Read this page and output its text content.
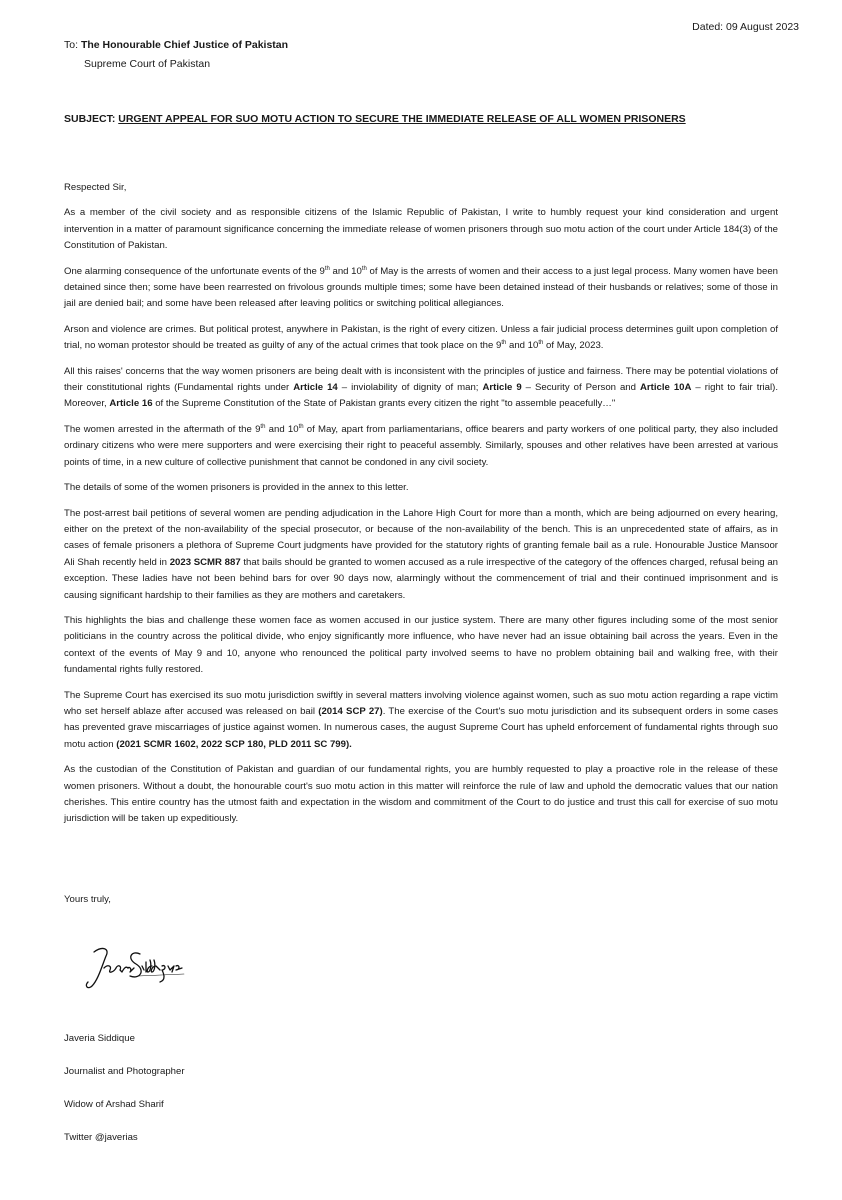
Dated: 09 August 2023
To: The Honourable Chief Justice of Pakistan
Supreme Court of Pakistan
SUBJECT: URGENT APPEAL FOR SUO MOTU ACTION TO SECURE THE IMMEDIATE RELEASE OF ALL WOMEN PRISONERS

Respected Sir,

As a member of the civil society and as responsible citizens of the Islamic Republic of Pakistan, I write to humbly request your kind consideration and urgent intervention in a matter of paramount significance concerning the immediate release of women prisoners through suo motu action of the court under Article 184(3) of the Constitution of Pakistan.

One alarming consequence of the unfortunate events of the 9th and 10th of May is the arrests of women and their access to a just legal process. Many women have been detained since then; some have been rearrested on frivolous grounds multiple times; some have been detained instead of their husbands or relatives; some of those in jail are denied bail; and some have been released after leaving politics or switching political allegiances.

Arson and violence are crimes. But political protest, anywhere in Pakistan, is the right of every citizen. Unless a fair judicial process determines guilt upon completion of trial, no woman protestor should be treated as guilty of any of the actual crimes that took place on the 9th and 10th of May, 2023.

All this raises' concerns that the way women prisoners are being dealt with is inconsistent with the principles of justice and fairness. There may be potential violations of their constitutional rights (Fundamental rights under Article 14 – inviolability of dignity of man; Article 9 – Security of Person and Article 10A – right to fair trial). Moreover, Article 16 of the Supreme Constitution of the State of Pakistan grants every citizen the right "to assemble peacefully…"

The women arrested in the aftermath of the 9th and 10th of May, apart from parliamentarians, office bearers and party workers of one political party, they also included ordinary citizens who were mere supporters and were exercising their right to peaceful assembly. Similarly, spouses and other relatives have been arrested at various points of time, in a new culture of collective punishment that cannot be condoned in any civil society.

The details of some of the women prisoners is provided in the annex to this letter.

The post-arrest bail petitions of several women are pending adjudication in the Lahore High Court for more than a month, which are being adjourned on every hearing, either on the pretext of the non-availability of the special prosecutor, or because of the non-availability of the bench. This is an unprecedented state of affairs, as in cases of female prisoners a plethora of Supreme Court judgments have provided for the statutory rights of granting female bail as a rule. Honourable Justice Mansoor Ali Shah recently held in 2023 SCMR 887 that bails should be granted to women accused as a rule irrespective of the category of the offences charged, refusal being an exception. These ladies have not been behind bars for over 90 days now, alarmingly without the commencement of trial and their continued imprisonment and is causing significant hardship to their families as they are mothers and caretakers.

This highlights the bias and challenge these women face as women accused in our justice system. There are many other figures including some of the most senior politicians in the country across the political divide, who enjoy significantly more influence, who have never had an issue obtaining bail across the years. Even in the context of the events of May 9 and 10, anyone who renounced the political party involved seems to have no problem obtaining bail and walking free, with their fundamental rights fully restored.

The Supreme Court has exercised its suo motu jurisdiction swiftly in several matters involving violence against women, such as suo motu action regarding a rape victim who set herself ablaze after accused was released on bail (2014 SCP 27). The exercise of the Court's suo motu jurisdiction and its subsequent orders in some cases has prevented grave miscarriages of justice against women. In numerous cases, the august Supreme Court has upheld enforcement of fundamental rights through suo motu action (2021 SCMR 1602, 2022 SCP 180, PLD 2011 SC 799).

As the custodian of the Constitution of Pakistan and guardian of our fundamental rights, you are humbly requested to play a proactive role in the release of these women prisoners. Without a doubt, the honourable court's suo motu action in this matter will reinforce the rule of law and uphold the democratic values that our nation cherishes. This entire country has the utmost faith and expectation in the wisdom and commitment of the Court to do justice and trust this call for exercise of suo motu jurisdiction will be taken up expeditiously.

Yours truly,
Javeria Siddique
Journalist and Photographer
Widow of Arshad Sharif
Twitter @javerias
